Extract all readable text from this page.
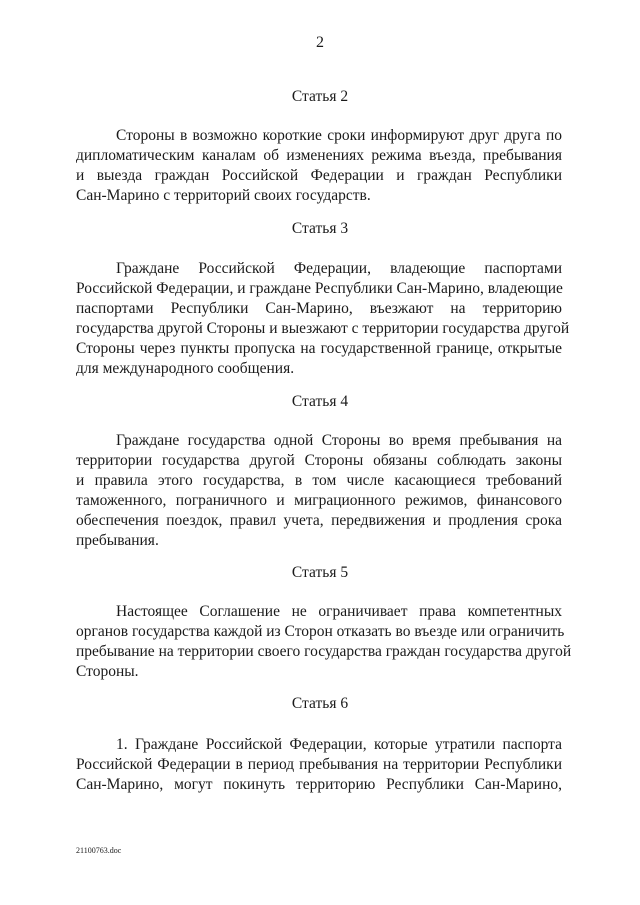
2
Статья 2
Стороны в возможно короткие сроки информируют друг друга по
дипломатическим каналам об изменениях режима въезда, пребывания
и выезда граждан Российской Федерации и граждан Республики
Сан-Марино с территорий своих государств.
Статья 3
Граждане Российской Федерации, владеющие паспортами
Российской Федерации, и граждане Республики Сан-Марино, владеющие
паспортами Республики Сан-Марино, въезжают на территорию
государства другой Стороны и выезжают с территории государства другой
Стороны через пункты пропуска на государственной границе, открытые
для международного сообщения.
Статья 4
Граждане государства одной Стороны во время пребывания на
территории государства другой Стороны обязаны соблюдать законы
и правила этого государства, в том числе касающиеся требований
таможенного, пограничного и миграционного режимов, финансового
обеспечения поездок, правил учета, передвижения и продления срока
пребывания.
Статья 5
Настоящее Соглашение не ограничивает права компетентных
органов государства каждой из Сторон отказать во въезде или ограничить
пребывание на территории своего государства граждан государства другой
Стороны.
Статья 6
1. Граждане Российской Федерации, которые утратили паспорта
Российской Федерации в период пребывания на территории Республики
Сан-Марино, могут покинуть территорию Республики Сан-Марино,
21100763.doc
